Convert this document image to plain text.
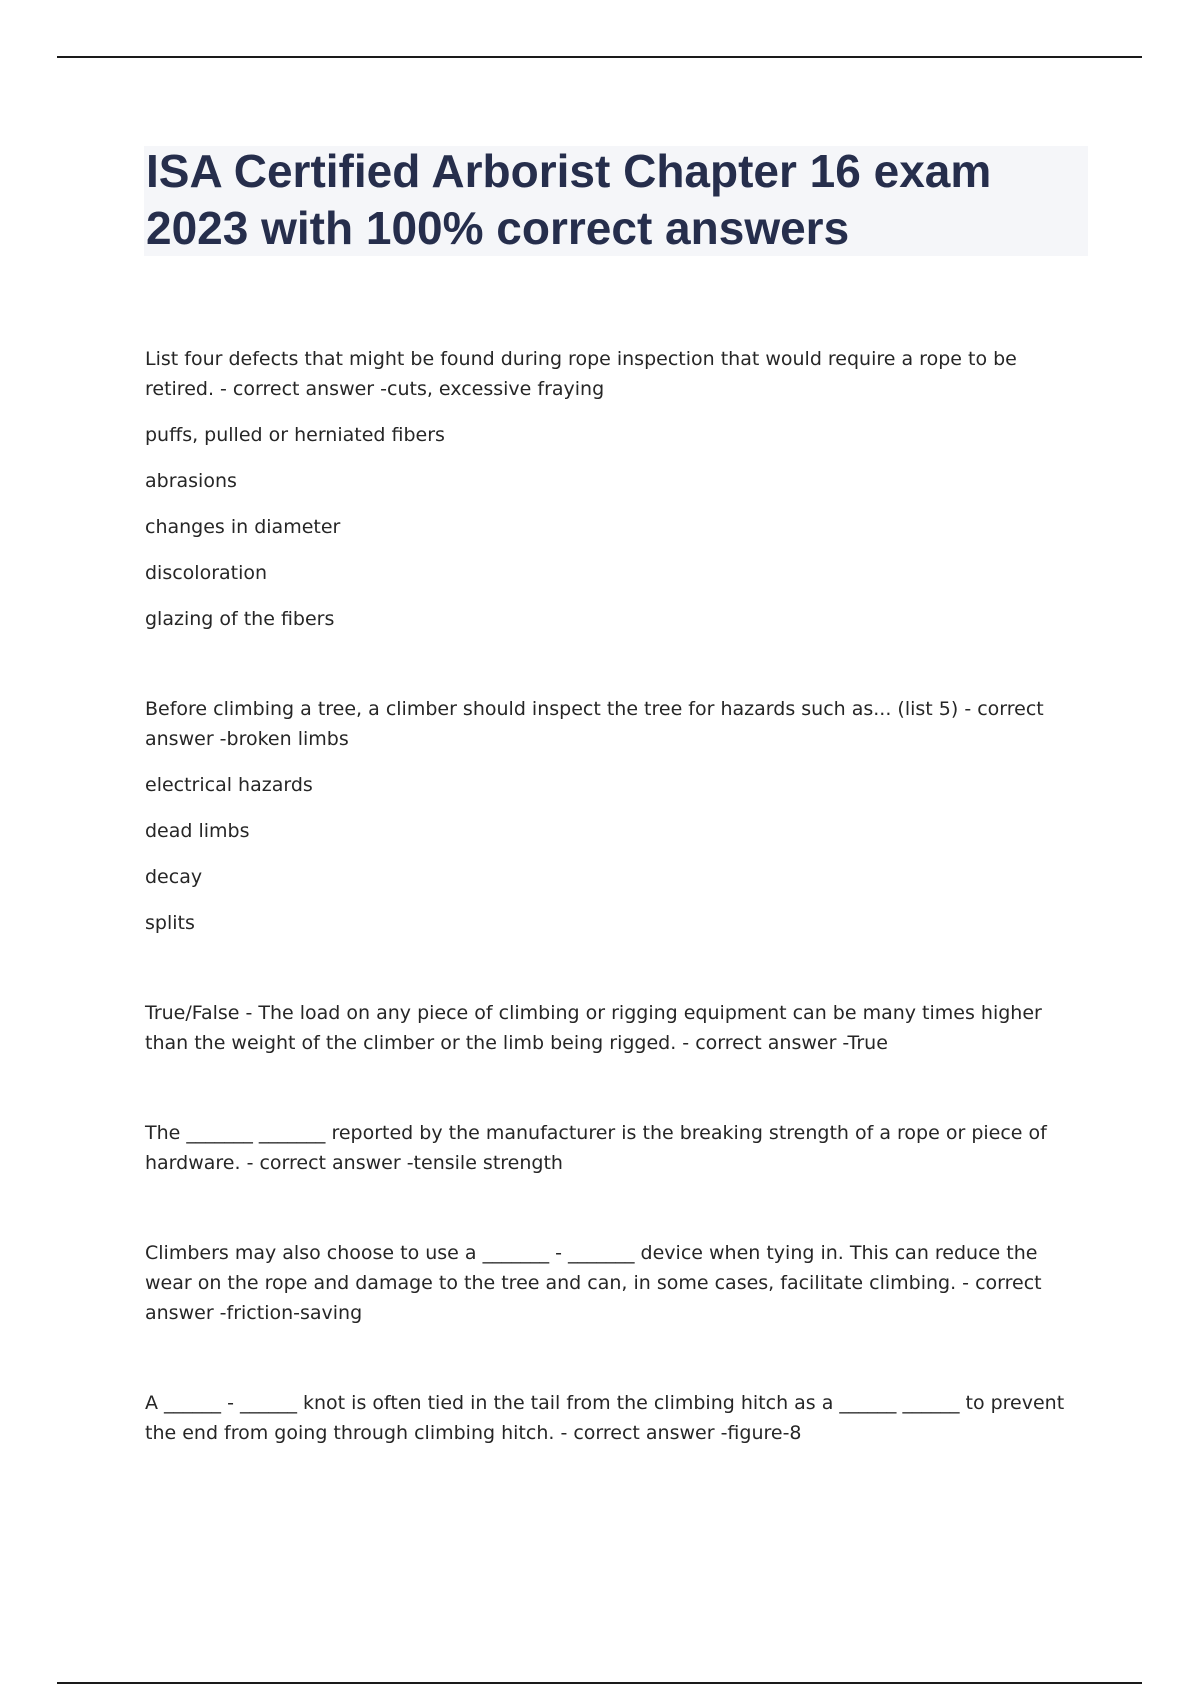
ISA Certified Arborist Chapter 16 exam 2023 with 100% correct answers

List four defects that might be found during rope inspection that would require a rope to be retired. - correct answer -cuts, excessive fraying

puffs, pulled or herniated fibers

abrasions

changes in diameter

discoloration

glazing of the fibers

Before climbing a tree, a climber should inspect the tree for hazards such as... (list 5) - correct answer -broken limbs

electrical hazards

dead limbs

decay

splits

True/False - The load on any piece of climbing or rigging equipment can be many times higher than the weight of the climber or the limb being rigged. - correct answer -True

The _______ _______ reported by the manufacturer is the breaking strength of a rope or piece of hardware. - correct answer -tensile strength

Climbers may also choose to use a _______ - _______ device when tying in. This can reduce the wear on the rope and damage to the tree and can, in some cases, facilitate climbing. - correct answer -friction-saving

A ______ - ______ knot is often tied in the tail from the climbing hitch as a ______ ______ to prevent the end from going through climbing hitch. - correct answer -figure-8
